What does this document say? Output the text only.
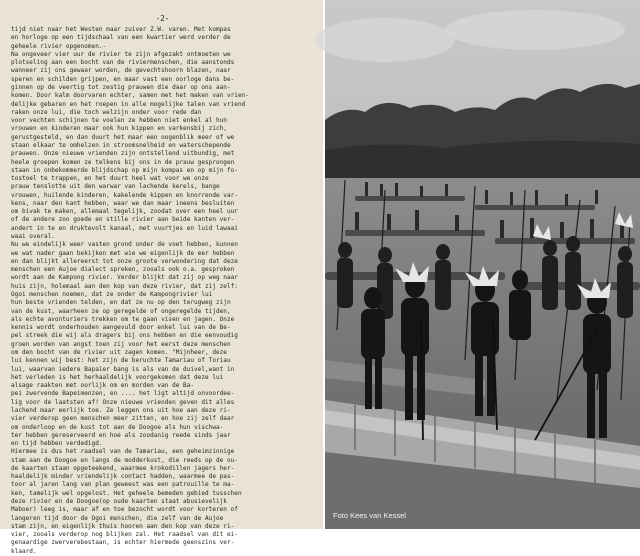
-2-
tijd niet naar het Westen maar zuiver Z.W. varen. Met kompas
en horloge op een tijdschaal van een kwartier werd verder de
geheele rivier opgenomen.-
Na ongeveer vier uur de rivier te zijn afgezakt ontmoeten we
plotseling aan een bocht van de riviermenschen, die aanstonds
wanneer zij ons gewaar worden, de gevechtshoorn blazen, naar
speren en schilden grijpen, en maar vast een oorloge dans be-
ginnen op de veertig tot zestig prauwen die daar op ons aan-
komen. Door kalm doorvaren echter, samen met het maken van vrien-
delijke gebaren en het roepen in alle mogelijke talen van vriend
raken onze lui, die toch welzijn onder voor rede dan
voor vechten schijnen te voelen ze hebben niet enkel al hun
vrouwen en kinderen maar ook hun kippen en varkensbij zich,
gerustgesteld, en dan duurt het maar een oogenblik meer of we
staan elkaar te omhelzen in stroomsnelheid en waterschepende
prauwen. Onze nieuwe vrienden zijn ontstellend uitbundig, met
heele groepen komen ze telkens bij ons in de prauw gesprongen
staan in onbekommerde blijdschap op mijn kompas en op mijn fo-
tostoel te trappen, en het duurt heel wat voor we onze
prauw tenslotte uit den warwar van lachende kerels, bange
vrouwen, huilende kinderen, kakelende kippen en knorrende var-
kens, naar den kant hebben, waar we dan maar ineens besluiten
om bivak te maken, allemaal tegelijk, zoodat over een heel uur
of de andere zoo goede en stille rivier aan beide kanten ver-
andert in te en druktevolt kanaal, met vuurtjes en luid lawaai
waai overal.
Nu we eindelijk weer vasten grond onder de voet hebben, kunnen
we wat nader gaan bekijken met wie we eigenlijk de eer hebben
en dan blijkt allereerst tot onze groote verwondering dat deze
menschen een Aujoe dialect spreken, zooals ook o.a. gesproken
wordt aan de Kampong rivier. Verder blijkt dat zij op weg naar
huis zijn, holemaal aan den kop van deze rivier, dat zij zelf:
Ogoi menschen noemen, dat ze onder de Kampongrivier lui
hun beste vrienden telden, en dat ze nu op den terugweg zijn
van de kust, waarheen ze op geregelde of ongeregelde tijden,
als echte avonturiers trekken om te gaan visen en jagen. Onze
kennis wordt onderhouden aangevuld door enkel lui van de Be-
pel streek die wij als dragers bij ons hebben en die eenvoudig
groen worden van angst toen zij voor het eerst deze menschen
om den bocht van de rivier uit zagen komen. "Mijnheer, deze
lui kennen wij best: het zijn de beruchte Tamariau of Toriau
lui, waarvan iedere Bapaier bang is als van de duivel,want in
het verleden is het herhaaldelijk voorgekomen dat deze lui
alsage raakten met oorlijk om en morden van de Ba-
pei zwervende Bapeimenzen, en .... het ligt altijd onvoordee-
lig voor de laatsten af! Onze nieuwe vrienden geven dit alles
lachend maar eerlijk toe. Ze leggen ons uit hoe aan deze ri-
vier verderop geen menschen meer zitten, en hoe zij zelf daar
om onderloop en de kust tot aan de Doogoe als hun vischwa-
ter hebben gereserveerd en hoe als zoodanig reede sinds jaar
en tijd hebben verdedigd.
Hiermee is dus het raadsel van de Tamariau, een geheimzinnige
stam aan de Doogoe en langs de modderkust, die reeds op de ou-
de kaarten staan opgeteekend, waarmee krokodillen jagers her-
haaldelijk minder vriendelijk contact hadden, waarmee de pas-
toor al jaren lang van plan geweest was een patrouille te ma-
ken, tamelijk wel opgelost. Het geheele bemeden gebied tusschen
deze rivier en de Doogoe(op oude kaarten staat abusievelijk
Maboer) leeg is, maar af en toe bezocht wordt voor korteren of
langeren tijd door de Ogoi menschen, die zelf van de Aujoe
stam zijn, en eigenlijk thuis hooren aan den kop van deze ri-
vier, zooals verderop nog blijken zal. Het raadsel van dit ei-
genaardige zwerverebestaan, is echter hiermede geenszins ver-
klaard.
Foto Kees van Kessel
